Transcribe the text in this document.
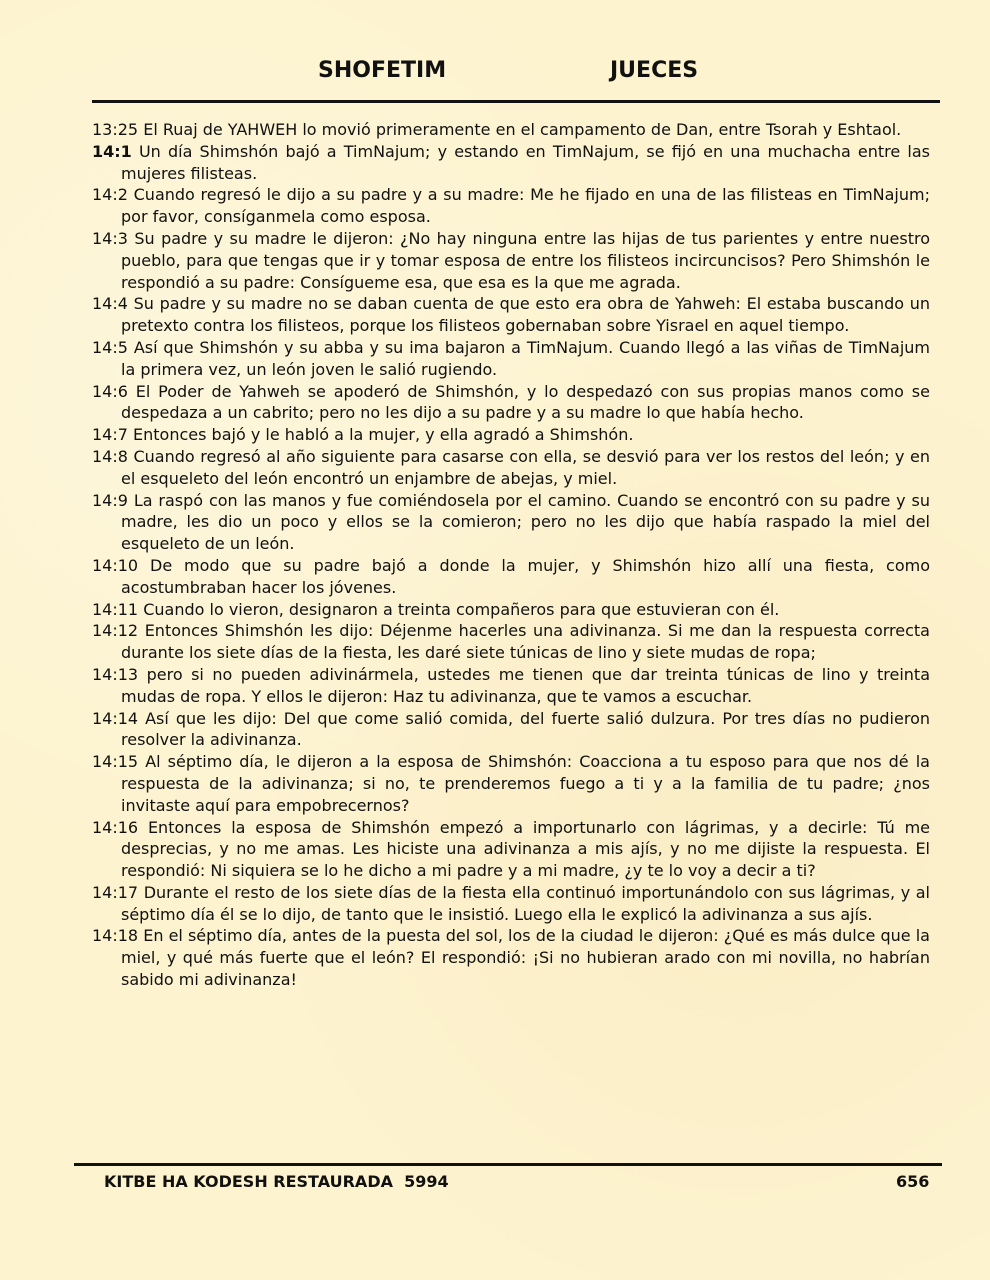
SHOFETIM	JUECES

13:25 El Ruaj de YAHWEH lo movió primeramente en el campamento de Dan, entre Tsorah y Eshtaol.

14:1 Un día Shimshón bajó a TimNajum; y estando en TimNajum, se fijó en una muchacha entre las mujeres filisteas.

14:2 Cuando regresó le dijo a su padre y a su madre: Me he fijado en una de las filisteas en TimNajum; por favor, consíganmela como esposa.

14:3 Su padre y su madre le dijeron: ¿No hay ninguna entre las hijas de tus parientes y entre nuestro pueblo, para que tengas que ir y tomar esposa de entre los filisteos incircuncisos? Pero Shimshón le respondió a su padre: Consígueme esa, que esa es la que me agrada.

14:4 Su padre y su madre no se daban cuenta de que esto era obra de Yahweh: El estaba buscando un pretexto contra los filisteos, porque los filisteos gobernaban sobre Yisrael en aquel tiempo.

14:5 Así que Shimshón y su abba y su ima bajaron a TimNajum. Cuando llegó a las viñas de TimNajum la primera vez, un león joven le salió rugiendo.

14:6 El Poder de Yahweh se apoderó de Shimshón, y lo despedazó con sus propias manos como se despedaza a un cabrito; pero no les dijo a su padre y a su madre lo que había hecho.

14:7 Entonces bajó y le habló a la mujer, y ella agradó a Shimshón.

14:8 Cuando regresó al año siguiente para casarse con ella, se desvió para ver los restos del león; y en el esqueleto del león encontró un enjambre de abejas, y miel.

14:9 La raspó con las manos y fue comiéndosela por el camino. Cuando se encontró con su padre y su madre, les dio un poco y ellos se la comieron; pero no les dijo que había raspado la miel del esqueleto de un león.

14:10 De modo que su padre bajó a donde la mujer, y Shimshón hizo allí una fiesta, como acostumbraban hacer los jóvenes.

14:11 Cuando lo vieron, designaron a treinta compañeros para que estuvieran con él.

14:12 Entonces Shimshón les dijo: Déjenme hacerles una adivinanza. Si me dan la respuesta correcta durante los siete días de la fiesta, les daré siete túnicas de lino y siete mudas de ropa;

14:13 pero si no pueden adivinármela, ustedes me tienen que dar treinta túnicas de lino y treinta mudas de ropa. Y ellos le dijeron: Haz tu adivinanza, que te vamos a escuchar.

14:14 Así que les dijo: Del que come salió comida, del fuerte salió dulzura. Por tres días no pudieron resolver la adivinanza.

14:15 Al séptimo día, le dijeron a la esposa de Shimshón: Coacciona a tu esposo para que nos dé la respuesta de la adivinanza; si no, te prenderemos fuego a ti y a la familia de tu padre; ¿nos invitaste aquí para empobrecernos?

14:16 Entonces la esposa de Shimshón empezó a importunarlo con lágrimas, y a decirle: Tú me desprecias, y no me amas. Les hiciste una adivinanza a mis ajís, y no me dijiste la respuesta. El respondió: Ni siquiera se lo he dicho a mi padre y a mi madre, ¿y te lo voy a decir a ti?

14:17 Durante el resto de los siete días de la fiesta ella continuó importunándolo con sus lágrimas, y al séptimo día él se lo dijo, de tanto que le insistió. Luego ella le explicó la adivinanza a sus ajís.

14:18 En el séptimo día, antes de la puesta del sol, los de la ciudad le dijeron: ¿Qué es más dulce que la miel, y qué más fuerte que el león? El respondió: ¡Si no hubieran arado con mi novilla, no habrían sabido mi adivinanza!

KITBE HA KODESH RESTAURADA  5994	656
